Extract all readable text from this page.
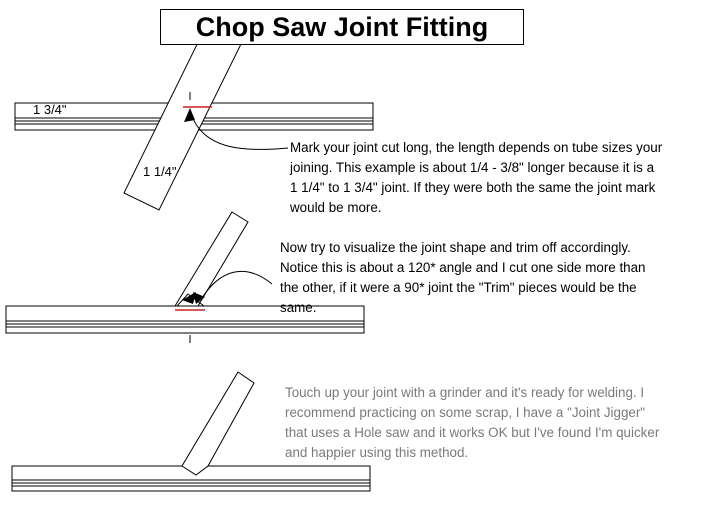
Chop Saw Joint Fitting
1 3/4"
1 1/4"

Mark your joint cut long, the length depends on tube sizes your

joining. This example is about 1/4 - 3/8" longer because it is a

1 1/4" to 1 3/4" joint. If they were both the same the joint mark

would be more.

Now try to visualize the joint shape and trim off accordingly.

Notice this is about a 120* angle and I cut one side more than

the other, if it were a 90* joint the "Trim" pieces would be the

same.

Touch up your joint with a grinder and it's ready for welding. I

recommend practicing on some scrap, I have a "Joint Jigger"

that uses a Hole saw and it works OK but I've found I'm quicker

and happier using this method.
